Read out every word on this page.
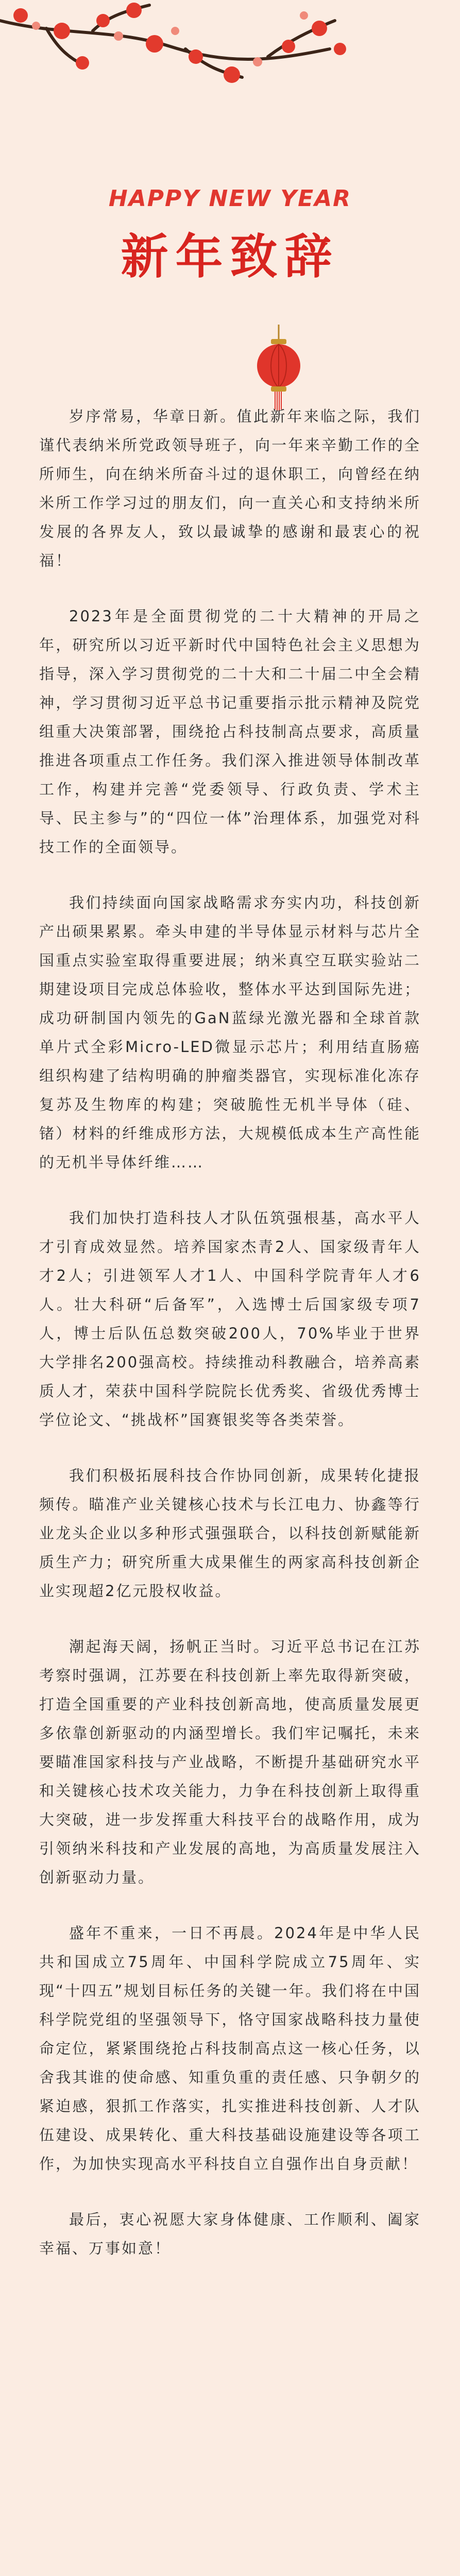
HAPPY NEW YEAR
新年致辞

岁序常易，华章日新。值此新年来临之际，我们谨代表纳米所党政领导班子，向一年来辛勤工作的全所师生，向在纳米所奋斗过的退休职工，向曾经在纳米所工作学习过的朋友们，向一直关心和支持纳米所发展的各界友人，致以最诚挚的感谢和最衷心的祝福！

2023年是全面贯彻党的二十大精神的开局之年，研究所以习近平新时代中国特色社会主义思想为指导，深入学习贯彻党的二十大和二十届二中全会精神，学习贯彻习近平总书记重要指示批示精神及院党组重大决策部署，围绕抢占科技制高点要求，高质量推进各项重点工作任务。我们深入推进领导体制改革工作，构建并完善“党委领导、行政负责、学术主导、民主参与”的“四位一体”治理体系，加强党对科技工作的全面领导。

我们持续面向国家战略需求夯实内功，科技创新产出硕果累累。牵头申建的半导体显示材料与芯片全国重点实验室取得重要进展；纳米真空互联实验站二期建设项目完成总体验收，整体水平达到国际先进；成功研制国内领先的GaN蓝绿光激光器和全球首款单片式全彩Micro-LED微显示芯片；利用结直肠癌组织构建了结构明确的肿瘤类器官，实现标准化冻存复苏及生物库的构建；突破脆性无机半导体（硅、锗）材料的纤维成形方法，大规模低成本生产高性能的无机半导体纤维……

我们加快打造科技人才队伍筑强根基，高水平人才引育成效显然。培养国家杰青2人、国家级青年人才2人；引进领军人才1人、中国科学院青年人才6人。壮大科研“后备军”，入选博士后国家级专项7人，博士后队伍总数突破200人，70%毕业于世界大学排名200强高校。持续推动科教融合，培养高素质人才，荣获中国科学院院长优秀奖、省级优秀博士学位论文、“挑战杯”国赛银奖等各类荣誉。

我们积极拓展科技合作协同创新，成果转化捷报频传。瞄准产业关键核心技术与长江电力、协鑫等行业龙头企业以多种形式强强联合，以科技创新赋能新质生产力；研究所重大成果催生的两家高科技创新企业实现超2亿元股权收益。

潮起海天阔，扬帆正当时。习近平总书记在江苏考察时强调，江苏要在科技创新上率先取得新突破，打造全国重要的产业科技创新高地，使高质量发展更多依靠创新驱动的内涵型增长。我们牢记嘱托，未来要瞄准国家科技与产业战略，不断提升基础研究水平和关键核心技术攻关能力，力争在科技创新上取得重大突破，进一步发挥重大科技平台的战略作用，成为引领纳米科技和产业发展的高地，为高质量发展注入创新驱动力量。

盛年不重来，一日不再晨。2024年是中华人民共和国成立75周年、中国科学院成立75周年、实现“十四五”规划目标任务的关键一年。我们将在中国科学院党组的坚强领导下，恪守国家战略科技力量使命定位，紧紧围绕抢占科技制高点这一核心任务，以舍我其谁的使命感、知重负重的责任感、只争朝夕的紧迫感，狠抓工作落实，扎实推进科技创新、人才队伍建设、成果转化、重大科技基础设施建设等各项工作，为加快实现高水平科技自立自强作出自身贡献！

最后，衷心祝愿大家身体健康、工作顺利、阖家幸福、万事如意！
